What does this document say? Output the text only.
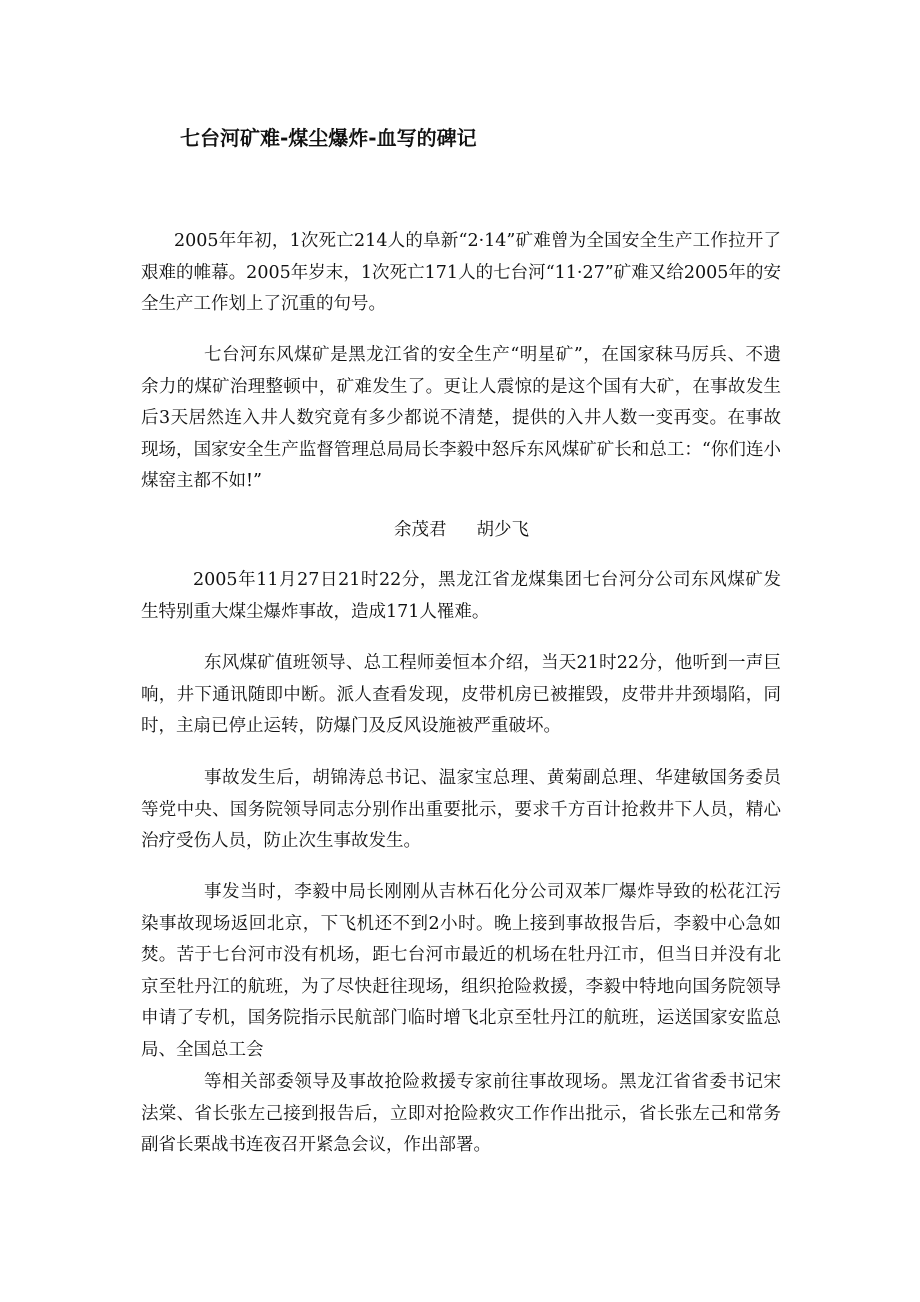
七台河矿难-煤尘爆炸-血写的碑记

2005年年初，1次死亡214人的阜新“2·14”矿难曾为全国安全生产工作拉开了艰难的帷幕。2005年岁末，1次死亡171人的七台河“11·27”矿难又给2005年的安全生产工作划上了沉重的句号。

七台河东风煤矿是黑龙江省的安全生产“明星矿”，在国家秣马厉兵、不遗余力的煤矿治理整顿中，矿难发生了。更让人震惊的是这个国有大矿，在事故发生后3天居然连入井人数究竟有多少都说不清楚，提供的入井人数一变再变。在事故现场，国家安全生产监督管理总局局长李毅中怒斥东风煤矿矿长和总工：“你们连小煤窑主都不如!”

余茂君 胡少飞

2005年11月27日21时22分，黑龙江省龙煤集团七台河分公司东风煤矿发生特别重大煤尘爆炸事故，造成171人罹难。

东风煤矿值班领导、总工程师姜恒本介绍，当天21时22分，他听到一声巨响，井下通讯随即中断。派人查看发现，皮带机房已被摧毁，皮带井井颈塌陷，同时，主扇已停止运转，防爆门及反风设施被严重破坏。

事故发生后，胡锦涛总书记、温家宝总理、黄菊副总理、华建敏国务委员等党中央、国务院领导同志分别作出重要批示，要求千方百计抢救井下人员，精心治疗受伤人员，防止次生事故发生。

事发当时，李毅中局长刚刚从吉林石化分公司双苯厂爆炸导致的松花江污染事故现场返回北京，下飞机还不到2小时。晚上接到事故报告后，李毅中心急如焚。苦于七台河市没有机场，距七台河市最近的机场在牡丹江市，但当日并没有北京至牡丹江的航班，为了尽快赶往现场，组织抢险救援，李毅中特地向国务院领导申请了专机，国务院指示民航部门临时增飞北京至牡丹江的航班，运送国家安监总局、全国总工会

等相关部委领导及事故抢险救援专家前往事故现场。黑龙江省省委书记宋法棠、省长张左己接到报告后，立即对抢险救灾工作作出批示，省长张左己和常务副省长栗战书连夜召开紧急会议，作出部署。
